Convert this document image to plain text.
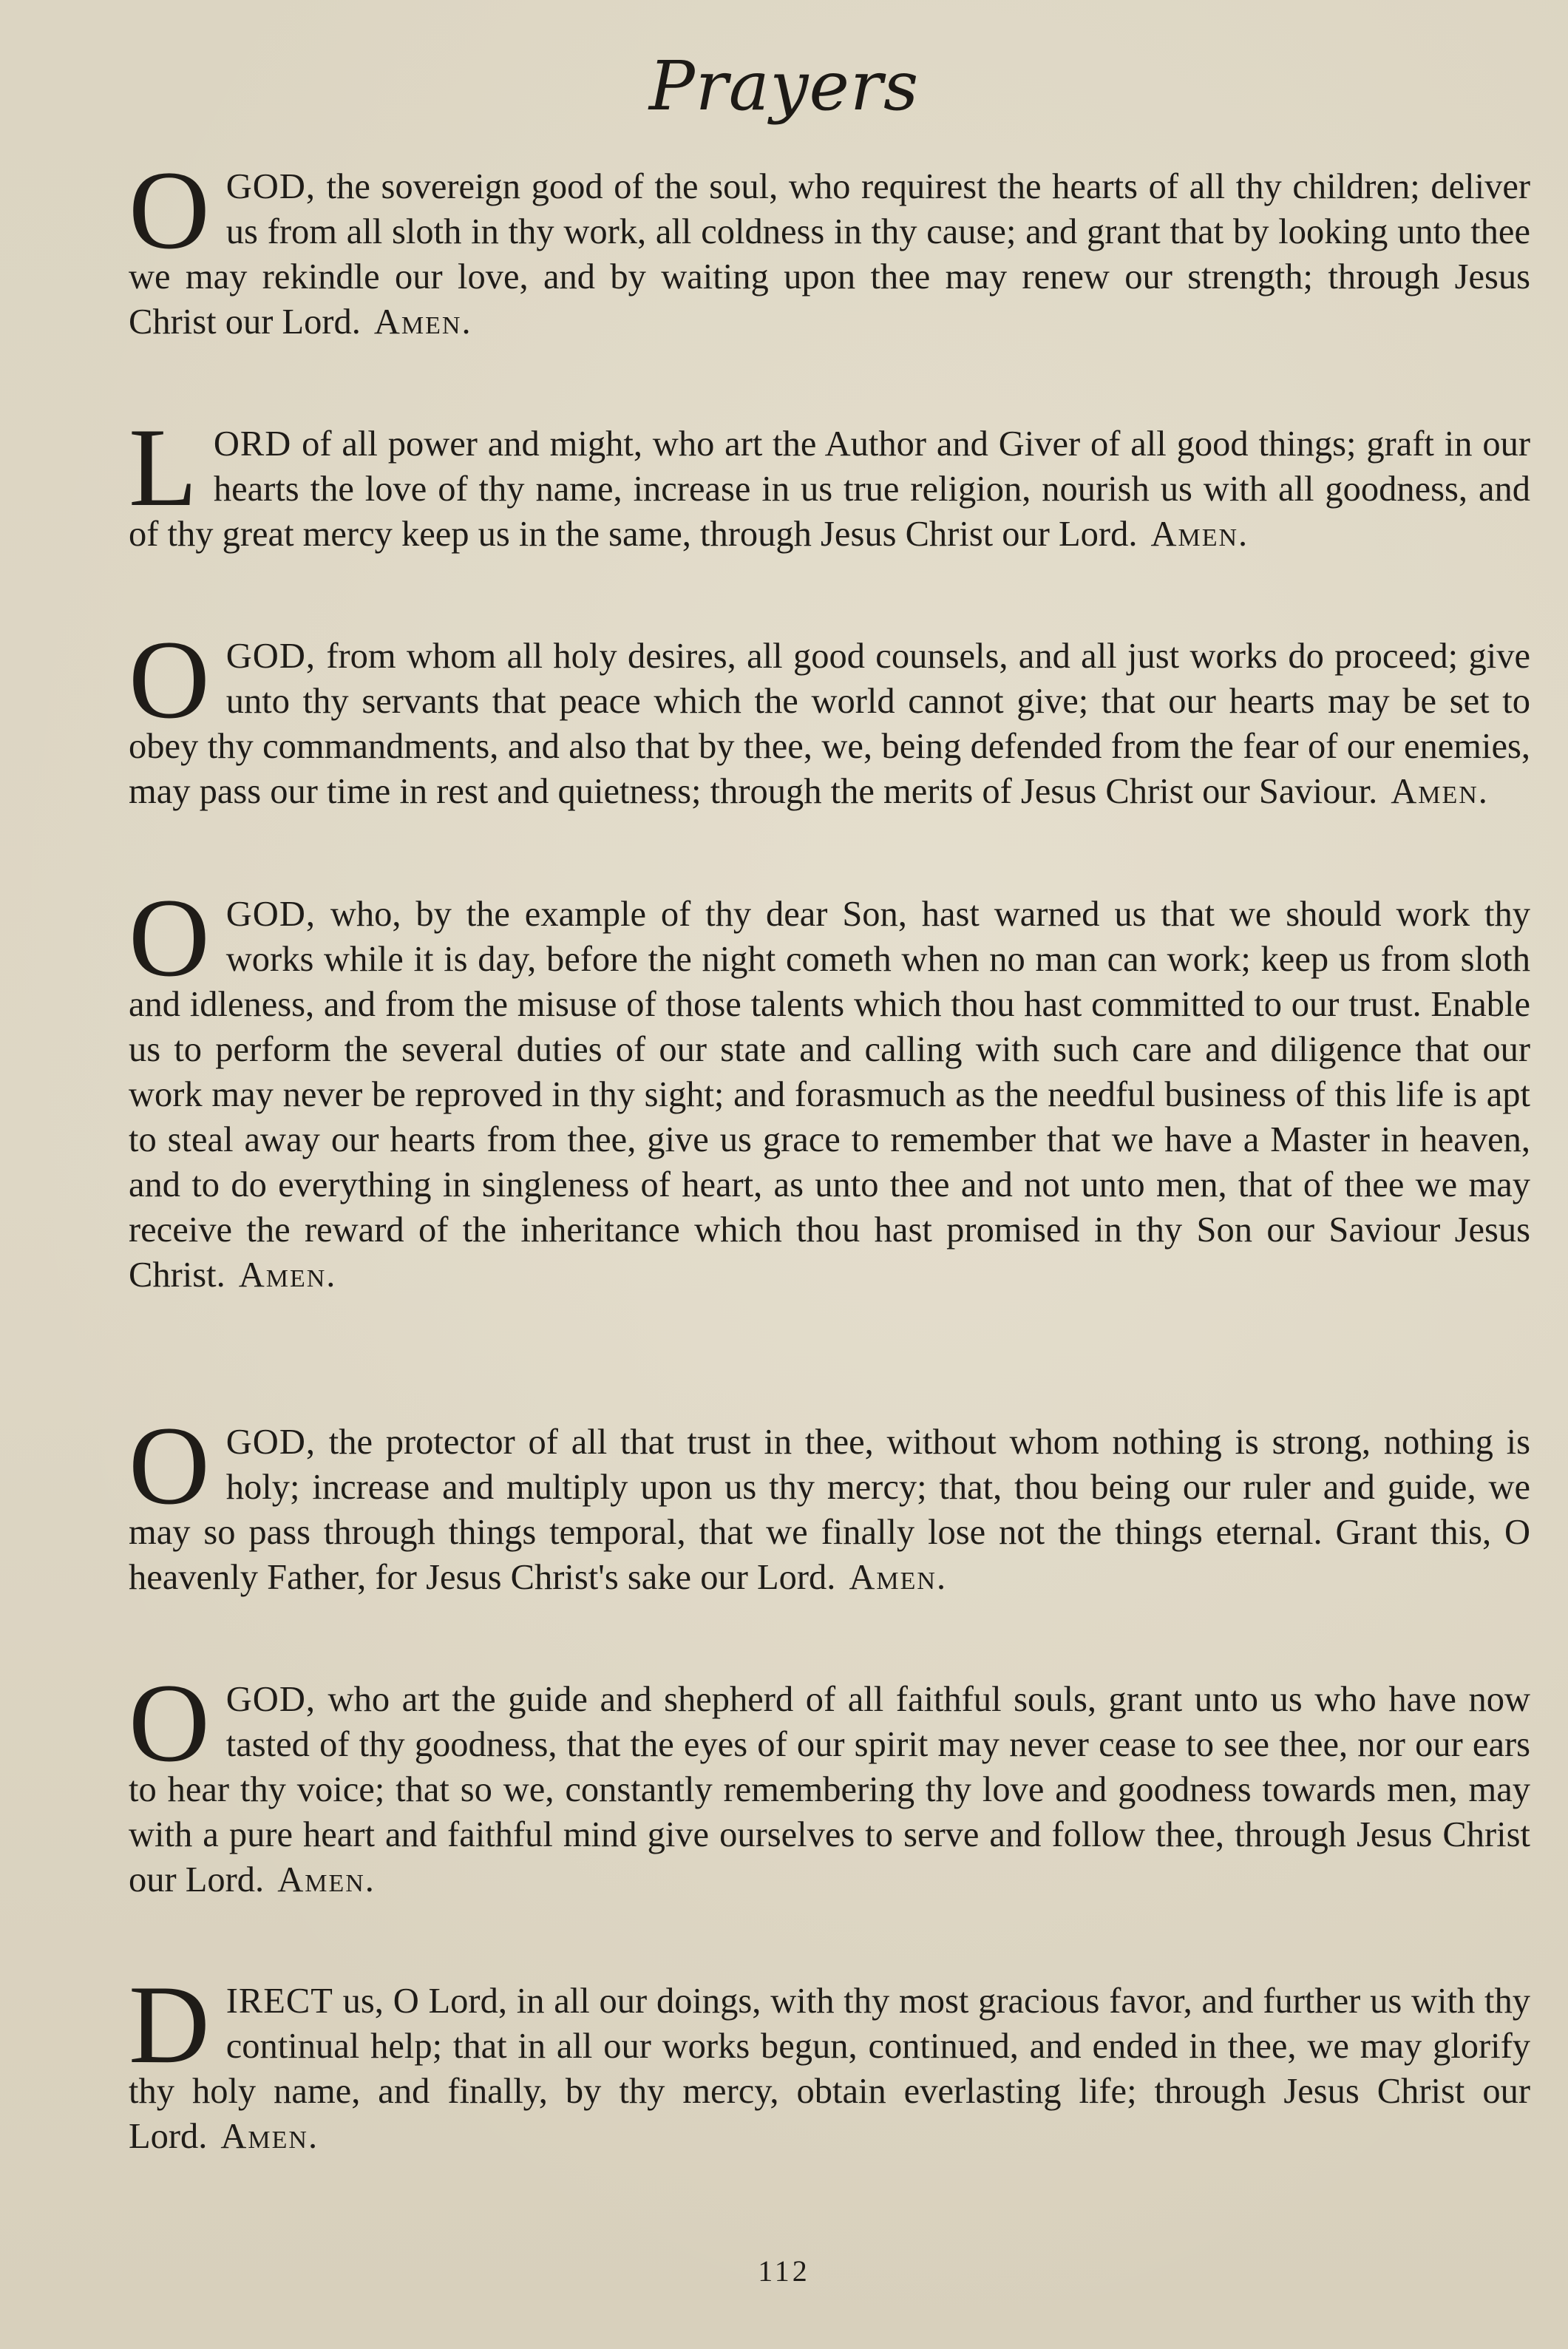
Prayers

OGOD, the sovereign good of the soul, who requirest the hearts of all thy children; deliver us from all sloth in thy work, all coldness in thy cause; and grant that by looking unto thee we may rekindle our love, and by waiting upon thee may renew our strength; through Jesus Christ our Lord. Amen.

LORD of all power and might, who art the Author and Giver of all good things; graft in our hearts the love of thy name, increase in us true religion, nourish us with all goodness, and of thy great mercy keep us in the same, through Jesus Christ our Lord. Amen.

OGOD, from whom all holy desires, all good counsels, and all just works do proceed; give unto thy servants that peace which the world cannot give; that our hearts may be set to obey thy commandments, and also that by thee, we, being defended from the fear of our enemies, may pass our time in rest and quietness; through the merits of Jesus Christ our Saviour. Amen.

OGOD, who, by the example of thy dear Son, hast warned us that we should work thy works while it is day, before the night cometh when no man can work; keep us from sloth and idleness, and from the misuse of those talents which thou hast committed to our trust. Enable us to perform the several duties of our state and calling with such care and diligence that our work may never be reproved in thy sight; and forasmuch as the needful business of this life is apt to steal away our hearts from thee, give us grace to remember that we have a Master in heaven, and to do everything in singleness of heart, as unto thee and not unto men, that of thee we may receive the reward of the inheritance which thou hast promised in thy Son our Saviour Jesus Christ. Amen.

OGOD, the protector of all that trust in thee, without whom nothing is strong, nothing is holy; increase and multiply upon us thy mercy; that, thou being our ruler and guide, we may so pass through things temporal, that we finally lose not the things eternal. Grant this, O heavenly Father, for Jesus Christ's sake our Lord. Amen.

OGOD, who art the guide and shepherd of all faithful souls, grant unto us who have now tasted of thy goodness, that the eyes of our spirit may never cease to see thee, nor our ears to hear thy voice; that so we, constantly remembering thy love and goodness towards men, may with a pure heart and faithful mind give ourselves to serve and follow thee, through Jesus Christ our Lord. Amen.

DIRECT us, O Lord, in all our doings, with thy most gracious favor, and further us with thy continual help; that in all our works begun, continued, and ended in thee, we may glorify thy holy name, and finally, by thy mercy, obtain everlasting life; through Jesus Christ our Lord. Amen.

112
